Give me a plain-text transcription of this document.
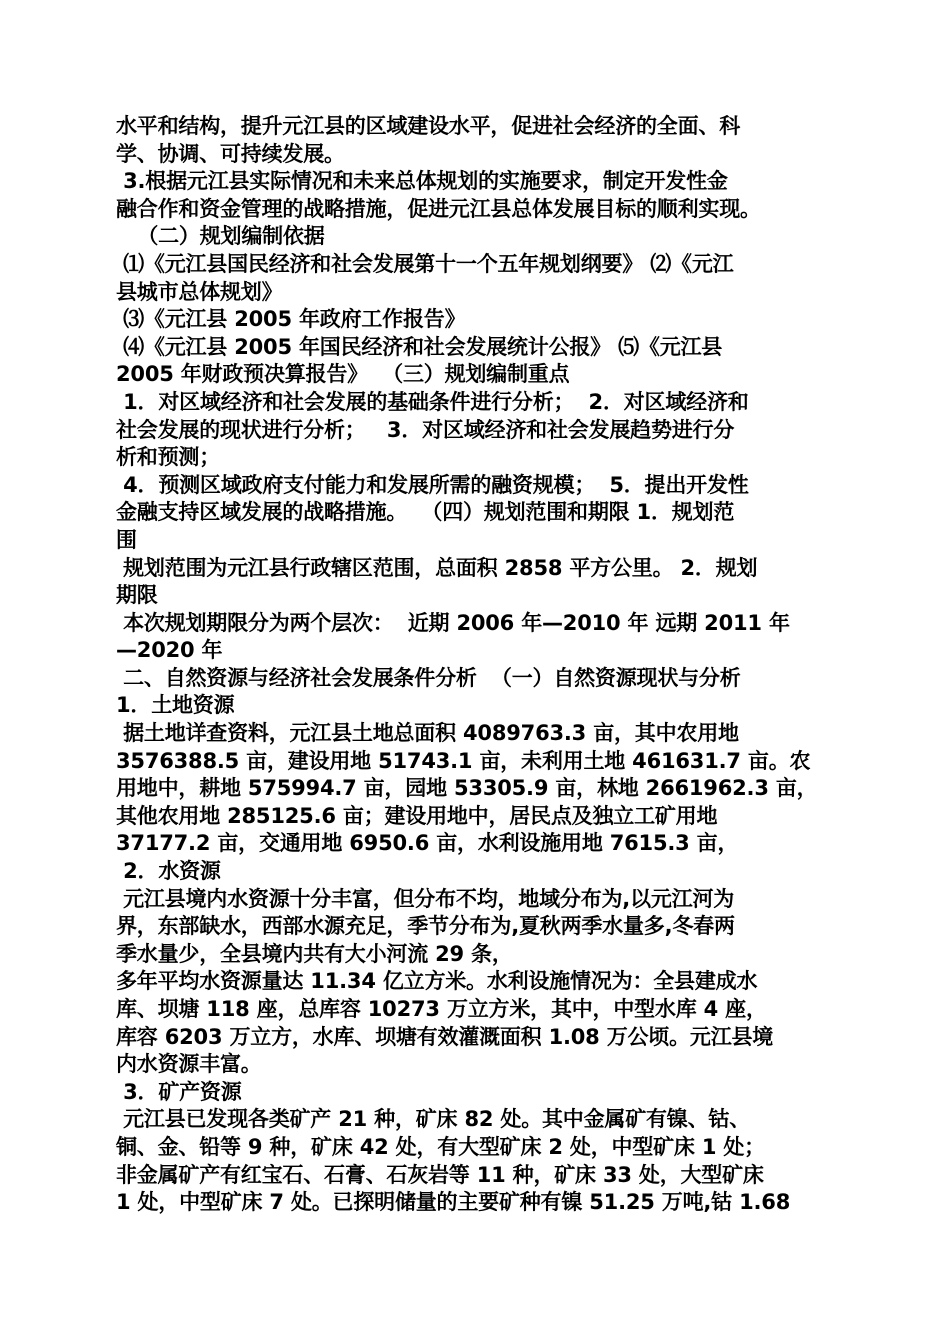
水平和结构，提升元江县的区域建设水平，促进社会经济的全面、科
学、协调、可持续发展。
3.根据元江县实际情况和未来总体规划的实施要求，制定开发性金
融合作和资金管理的战略措施，促进元江县总体发展目标的顺利实现。
（二）规划编制依据
⑴《元江县国民经济和社会发展第十一个五年规划纲要》 ⑵《元江
县城市总体规划》
⑶《元江县 2005 年政府工作报告》
⑷《元江县 2005 年国民经济和社会发展统计公报》 ⑸《元江县
2005 年财政预决算报告》  （三）规划编制重点
1．对区域经济和社会发展的基础条件进行分析；  2．对区域经济和
社会发展的现状进行分析；   3．对区域经济和社会发展趋势进行分
析和预测；
4．预测区域政府支付能力和发展所需的融资规模；  5．提出开发性
金融支持区域发展的战略措施。  （四）规划范围和期限 1．规划范
围
规划范围为元江县行政辖区范围，总面积 2858 平方公里。 2．规划
期限
本次规划期限分为两个层次：  近期 2006 年—2010 年 远期 2011 年
—2020 年
二、自然资源与经济社会发展条件分析  （一）自然资源现状与分析
1．土地资源
据土地详查资料，元江县土地总面积 4089763.3 亩，其中农用地
3576388.5 亩，建设用地 51743.1 亩，未利用土地 461631.7 亩。农
用地中，耕地 575994.7 亩，园地 53305.9 亩，林地 2661962.3 亩，
其他农用地 285125.6 亩；建设用地中，居民点及独立工矿用地
37177.2 亩，交通用地 6950.6 亩，水利设施用地 7615.3 亩，
2．水资源
元江县境内水资源十分丰富，但分布不均，地域分布为,以元江河为
界，东部缺水，西部水源充足，季节分布为,夏秋两季水量多,冬春两
季水量少，全县境内共有大小河流 29 条，
多年平均水资源量达 11.34 亿立方米。水利设施情况为：全县建成水
库、坝塘 118 座，总库容 10273 万立方米，其中，中型水库 4 座，
库容 6203 万立方，水库、坝塘有效灌溉面积 1.08 万公顷。元江县境
内水资源丰富。
3．矿产资源
元江县已发现各类矿产 21 种，矿床 82 处。其中金属矿有镍、钴、
铜、金、铅等 9 种，矿床 42 处，有大型矿床 2 处，中型矿床 1 处；
非金属矿产有红宝石、石膏、石灰岩等 11 种，矿床 33 处，大型矿床
1 处，中型矿床 7 处。已探明储量的主要矿种有镍 51.25 万吨,钴 1.68
